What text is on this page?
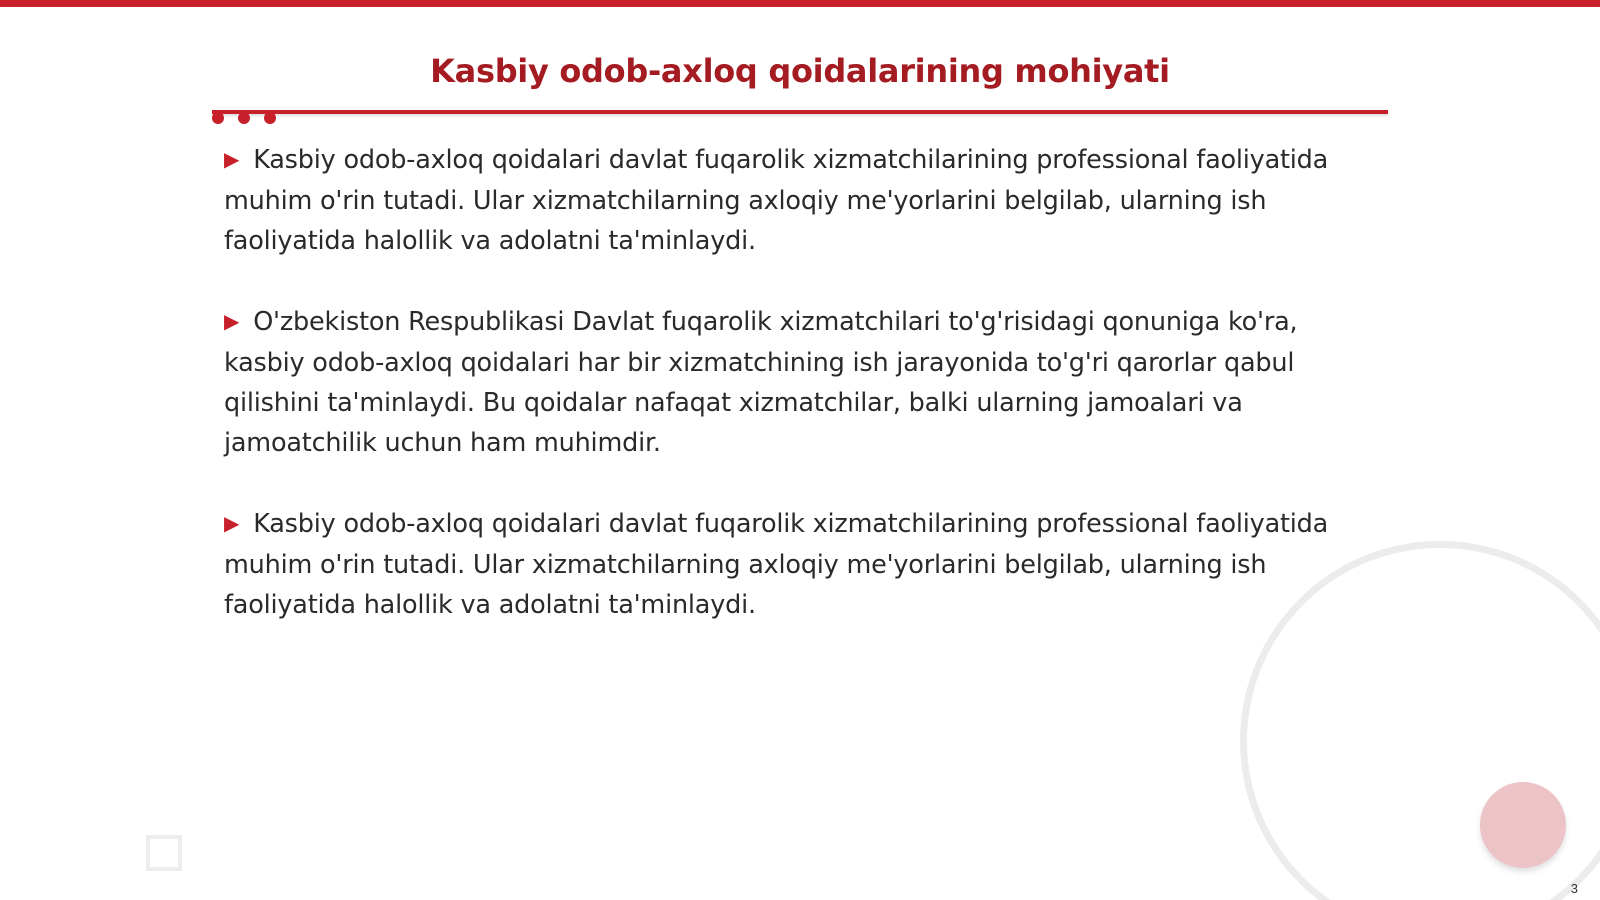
Kasbiy odob-axloq qoidalarining mohiyati

▶ Kasbiy odob-axloq qoidalari davlat fuqarolik xizmatchilarining professional faoliyatida muhim o'rin tutadi. Ular xizmatchilarning axloqiy me'yorlarini belgilab, ularning ish faoliyatida halollik va adolatni ta'minlaydi.

▶ O'zbekiston Respublikasi Davlat fuqarolik xizmatchilari to'g'risidagi qonuniga ko'ra, kasbiy odob-axloq qoidalari har bir xizmatchining ish jarayonida to'g'ri qarorlar qabul qilishini ta'minlaydi. Bu qoidalar nafaqat xizmatchilar, balki ularning jamoalari va jamoatchilik uchun ham muhimdir.

▶ Kasbiy odob-axloq qoidalari davlat fuqarolik xizmatchilarining professional faoliyatida muhim o'rin tutadi. Ular xizmatchilarning axloqiy me'yorlarini belgilab, ularning ish faoliyatida halollik va adolatni ta'minlaydi.

3
